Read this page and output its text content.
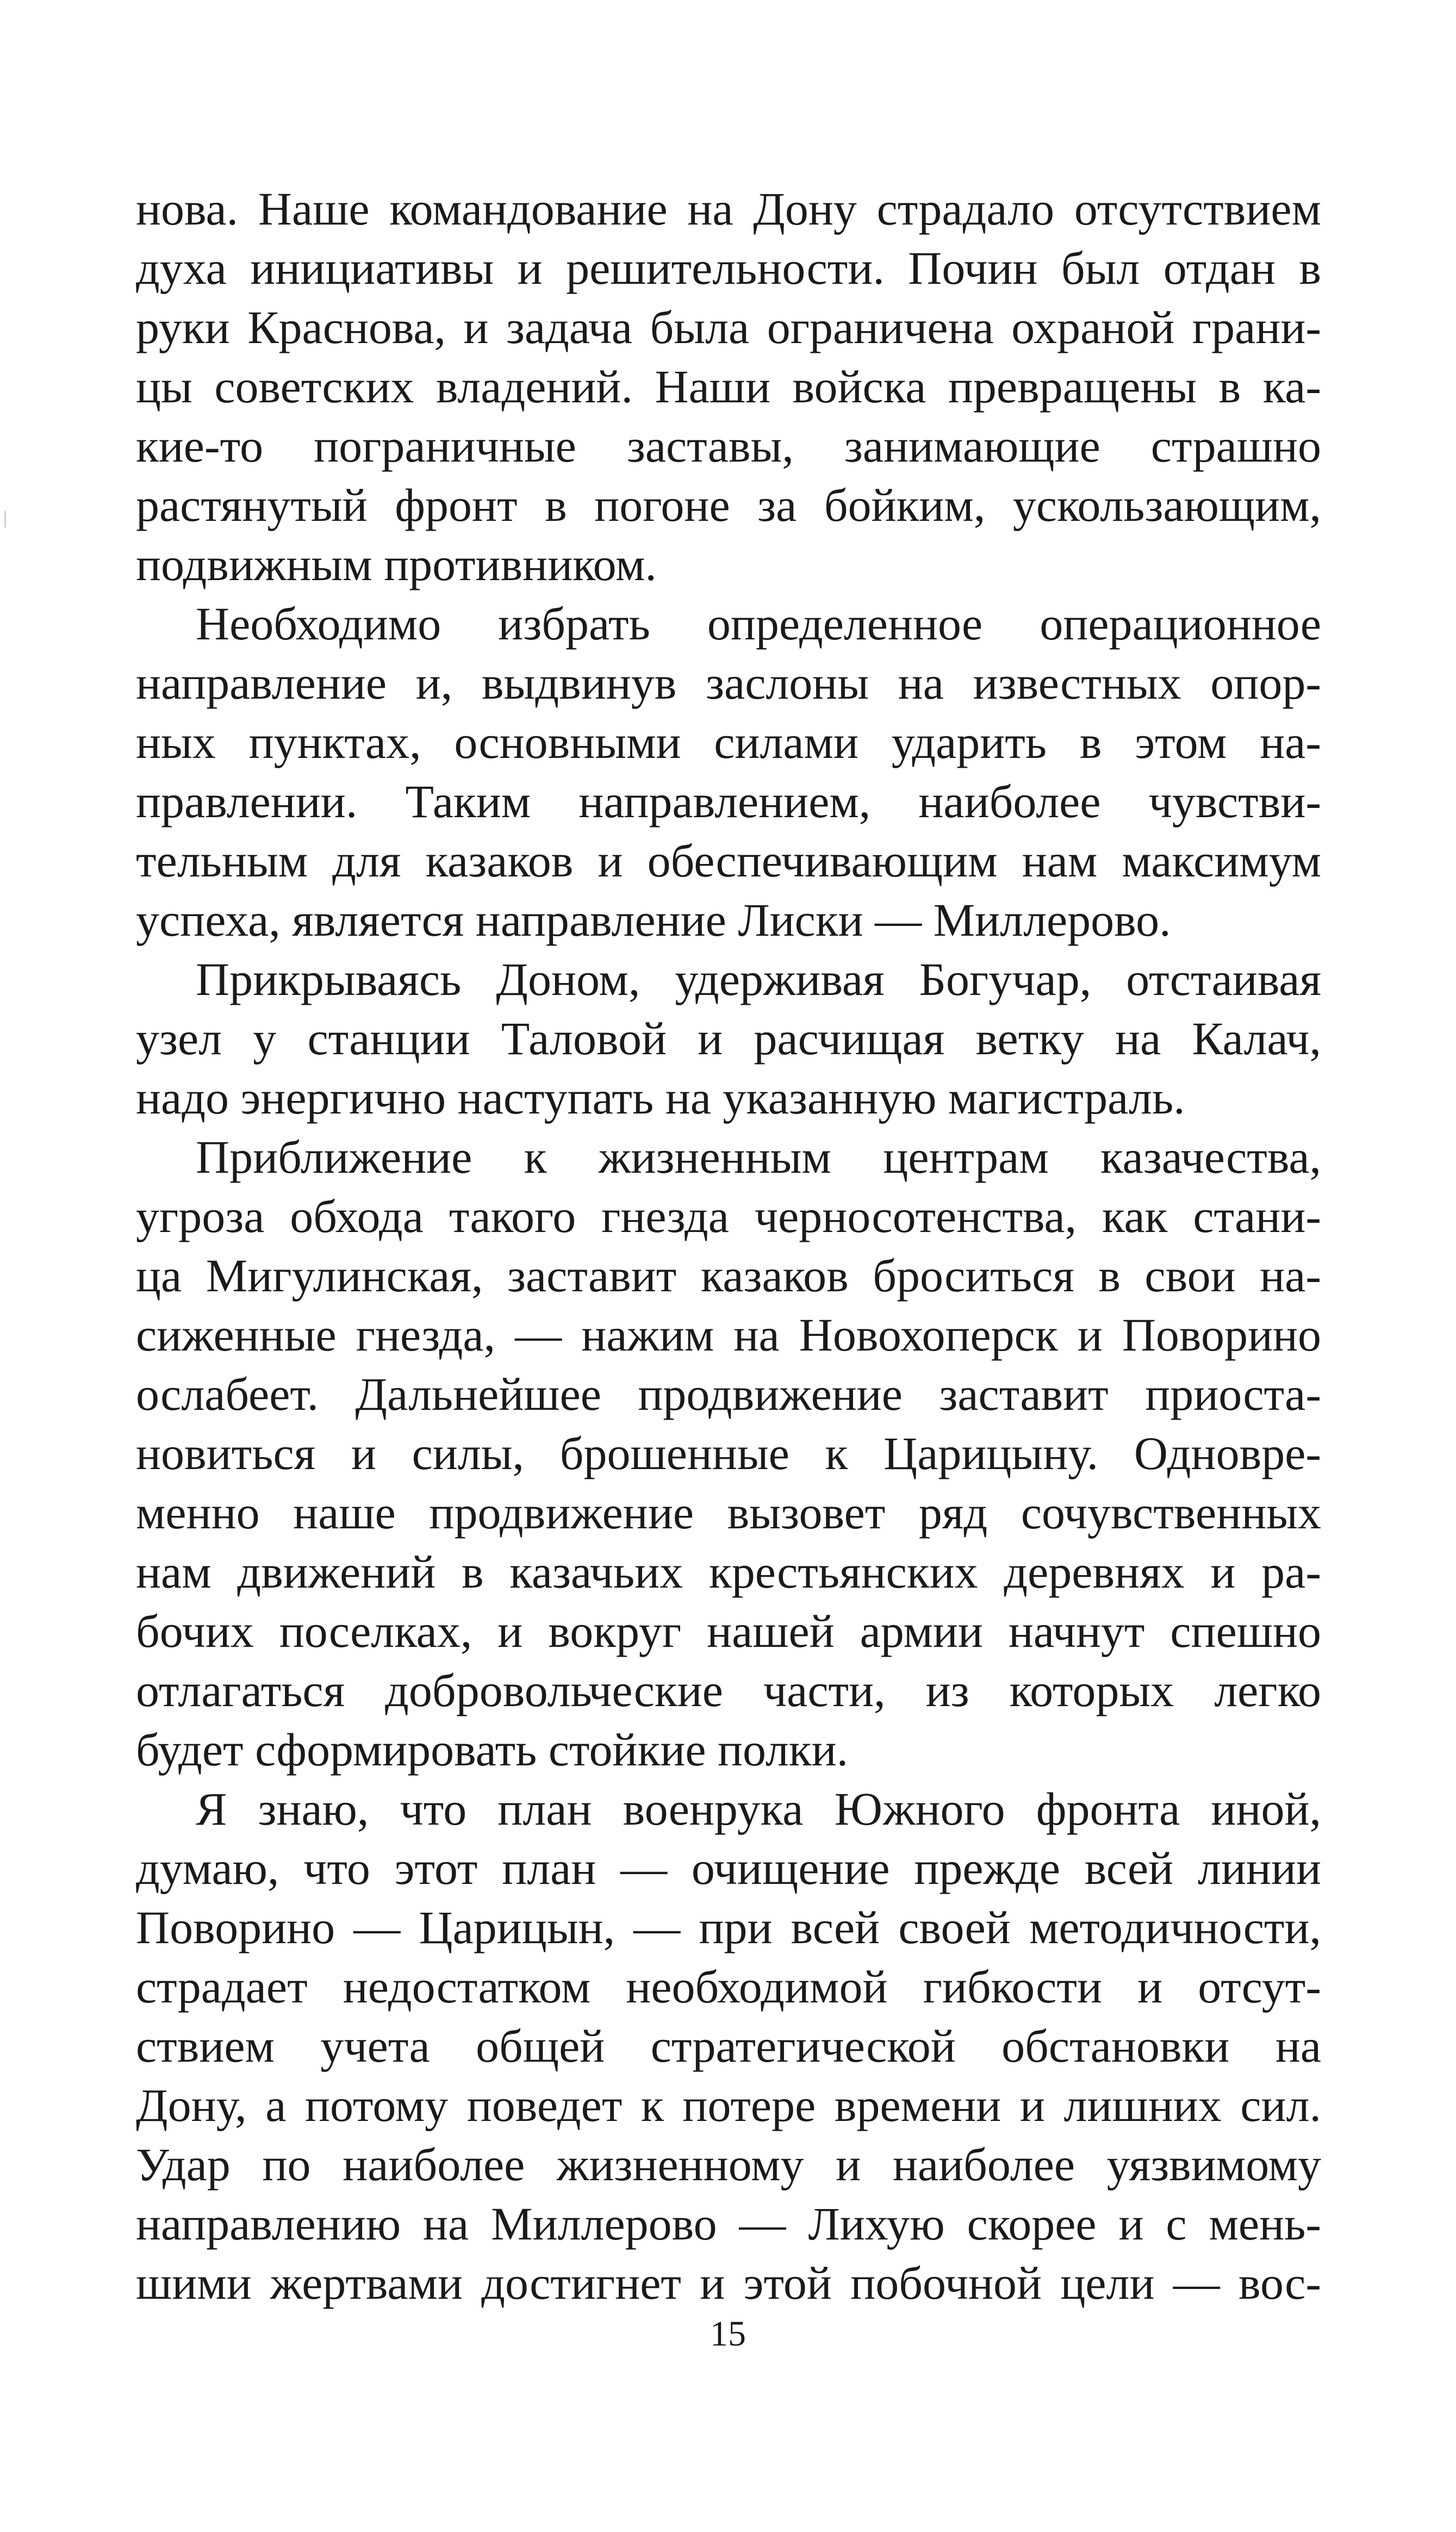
нова. Наше командование на Дону страдало отсутствием
духа инициативы и решительности. Почин был отдан в
руки Краснова, и задача была ограничена охраной грани-
цы советских владений. Наши войска превращены в ка-
кие-то пограничные заставы, занимающие страшно
растянутый фронт в погоне за бойким, ускользающим,
подвижным противником.
Необходимо избрать определенное операционное
направление и, выдвинув заслоны на известных опор-
ных пунктах, основными силами ударить в этом на-
правлении. Таким направлением, наиболее чувстви-
тельным для казаков и обеспечивающим нам максимум
успеха, является направление Лиски — Миллерово.
Прикрываясь Доном, удерживая Богучар, отстаивая
узел у станции Таловой и расчищая ветку на Калач,
надо энергично наступать на указанную магистраль.
Приближение к жизненным центрам казачества,
угроза обхода такого гнезда черносотенства, как стани-
ца Мигулинская, заставит казаков броситься в свои на-
сиженные гнезда, — нажим на Новохоперск и Поворино
ослабеет. Дальнейшее продвижение заставит приоста-
новиться и силы, брошенные к Царицыну. Одновре-
менно наше продвижение вызовет ряд сочувственных
нам движений в казачьих крестьянских деревнях и ра-
бочих поселках, и вокруг нашей армии начнут спешно
отлагаться добровольческие части, из которых легко
будет сформировать стойкие полки.
Я знаю, что план военрука Южного фронта иной,
думаю, что этот план — очищение прежде всей линии
Поворино — Царицын, — при всей своей методичности,
страдает недостатком необходимой гибкости и отсут-
ствием учета общей стратегической обстановки на
Дону, а потому поведет к потере времени и лишних сил.
Удар по наиболее жизненному и наиболее уязвимому
направлению на Миллерово — Лихую скорее и с мень-
шими жертвами достигнет и этой побочной цели — вос-
15
